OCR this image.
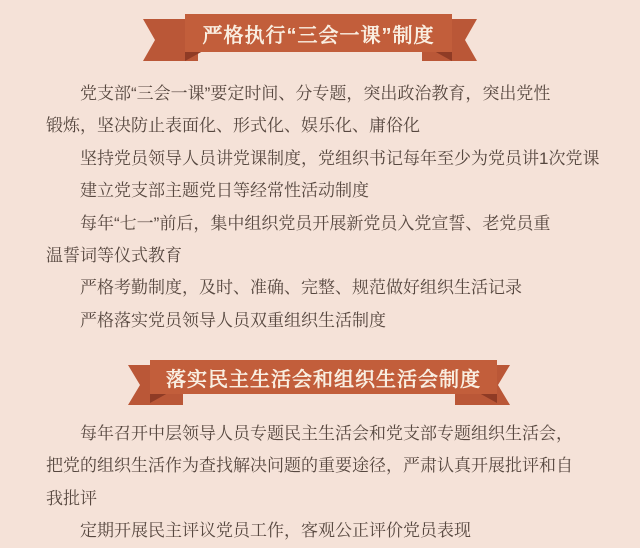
严格执行“三会一课”制度
党支部“三会一课”要定时间、分专题，突出政治教育，突出党性
锻炼，坚决防止表面化、形式化、娱乐化、庸俗化
坚持党员领导人员讲党课制度，党组织书记每年至少为党员讲1次党课
建立党支部主题党日等经常性活动制度
每年“七一”前后，集中组织党员开展新党员入党宣誓、老党员重
温誓词等仪式教育
严格考勤制度，及时、准确、完整、规范做好组织生活记录
严格落实党员领导人员双重组织生活制度
落实民主生活会和组织生活会制度
每年召开中层领导人员专题民主生活会和党支部专题组织生活会，
把党的组织生活作为查找解决问题的重要途径，严肃认真开展批评和自
我批评
定期开展民主评议党员工作，客观公正评价党员表现
